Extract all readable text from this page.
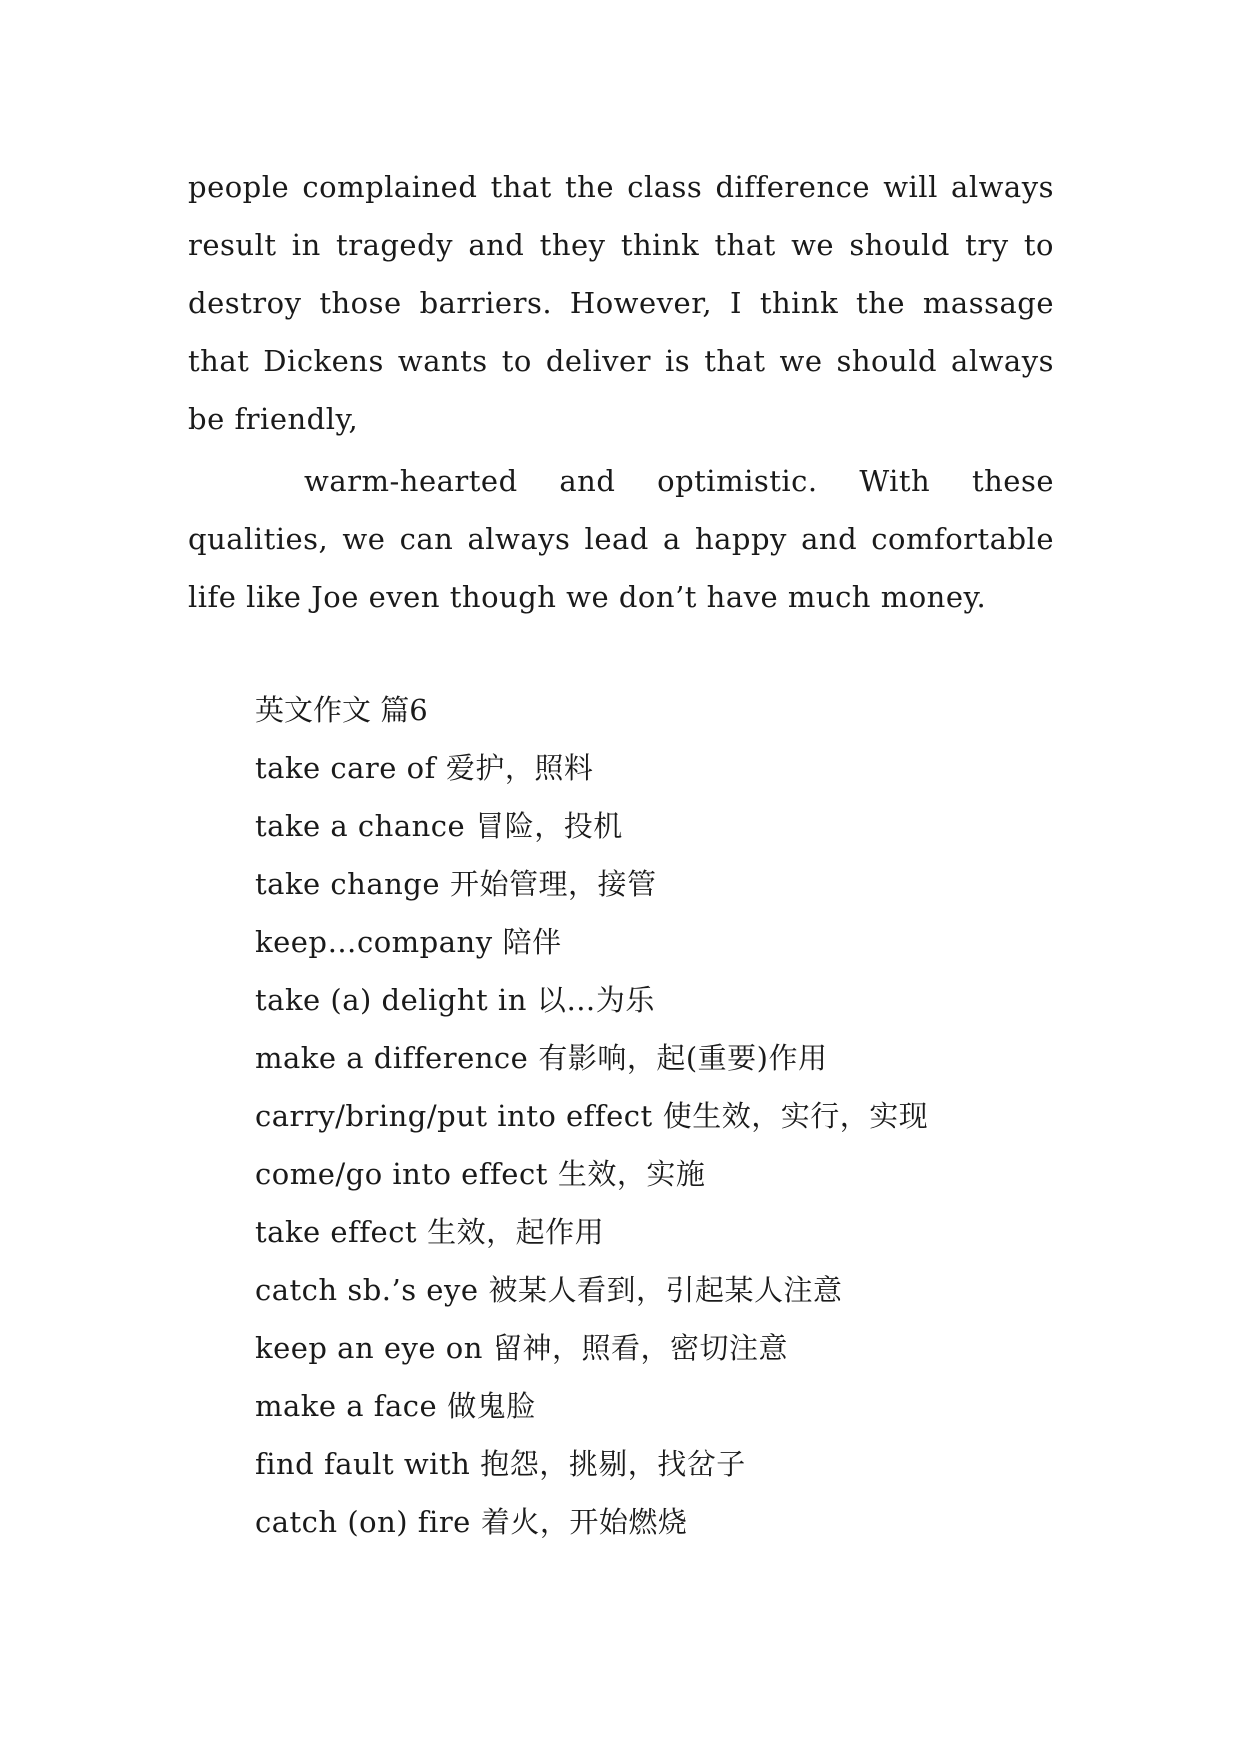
people complained that the class difference will always result in tragedy and they think that we should try to destroy those barriers. However, I think the massage that Dickens wants to deliver is that we should always be friendly,

warm-hearted and optimistic. With these qualities, we can always lead a happy and comfortable life like Joe even though we don’t have much money.

英文作文 篇6
take care of 爱护，照料
take a chance 冒险，投机
take change 开始管理，接管
keep…company 陪伴
take (a) delight in 以…为乐
make a difference 有影响，起(重要)作用
carry/bring/put into effect 使生效，实行，实现
come/go into effect 生效，实施
take effect 生效，起作用
catch sb.’s eye 被某人看到，引起某人注意
keep an eye on 留神，照看，密切注意
make a face 做鬼脸
find fault with 抱怨，挑剔，找岔子
catch (on) fire 着火，开始燃烧
